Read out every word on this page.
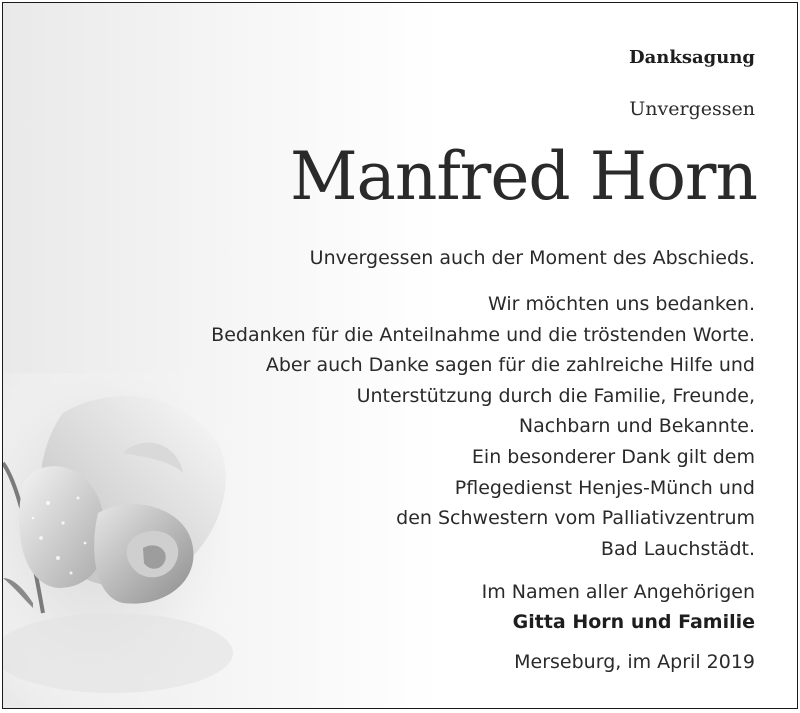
Danksagung
Unvergessen
Manfred Horn
Unvergessen auch der Moment des Abschieds.
Wir möchten uns bedanken.
Bedanken für die Anteilnahme und die tröstenden Worte.
Aber auch Danke sagen für die zahlreiche Hilfe und
Unterstützung durch die Familie, Freunde,
Nachbarn und Bekannte.
Ein besonderer Dank gilt dem
Pflegedienst Henjes-Münch und
den Schwestern vom Palliativzentrum
Bad Lauchstädt.
Im Namen aller Angehörigen
Gitta Horn und Familie
Merseburg, im April 2019
